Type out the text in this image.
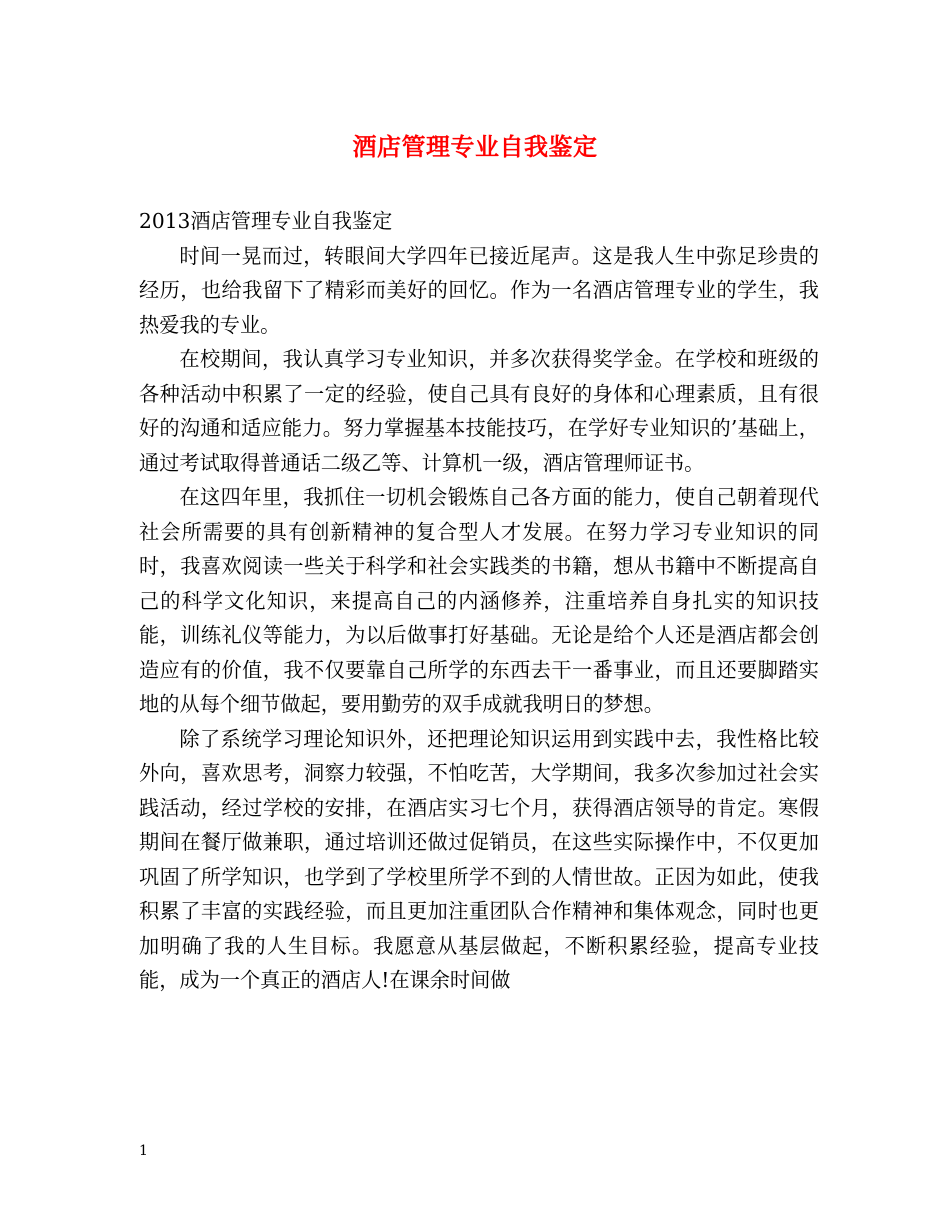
酒店管理专业自我鉴定

2013酒店管理专业自我鉴定

时间一晃而过，转眼间大学四年已接近尾声。这是我人生中弥足珍贵的经历，也给我留下了精彩而美好的回忆。作为一名酒店管理专业的学生，我热爱我的专业。

在校期间，我认真学习专业知识，并多次获得奖学金。在学校和班级的各种活动中积累了一定的经验，使自己具有良好的身体和心理素质，且有很好的沟通和适应能力。努力掌握基本技能技巧，在学好专业知识的’基础上，通过考试取得普通话二级乙等、计算机一级，酒店管理师证书。

在这四年里，我抓住一切机会锻炼自己各方面的能力，使自己朝着现代社会所需要的具有创新精神的复合型人才发展。在努力学习专业知识的同时，我喜欢阅读一些关于科学和社会实践类的书籍，想从书籍中不断提高自己的科学文化知识，来提高自己的内涵修养，注重培养自身扎实的知识技能，训练礼仪等能力，为以后做事打好基础。无论是给个人还是酒店都会创造应有的价值，我不仅要靠自己所学的东西去干一番事业，而且还要脚踏实地的从每个细节做起，要用勤劳的双手成就我明日的梦想。

除了系统学习理论知识外，还把理论知识运用到实践中去，我性格比较外向，喜欢思考，洞察力较强，不怕吃苦，大学期间，我多次参加过社会实践活动，经过学校的安排，在酒店实习七个月，获得酒店领导的肯定。寒假期间在餐厅做兼职，通过培训还做过促销员，在这些实际操作中，不仅更加巩固了所学知识，也学到了学校里所学不到的人情世故。正因为如此，使我积累了丰富的实践经验，而且更加注重团队合作精神和集体观念，同时也更加明确了我的人生目标。我愿意从基层做起，不断积累经验，提高专业技能，成为一个真正的酒店人!在课余时间做

1
